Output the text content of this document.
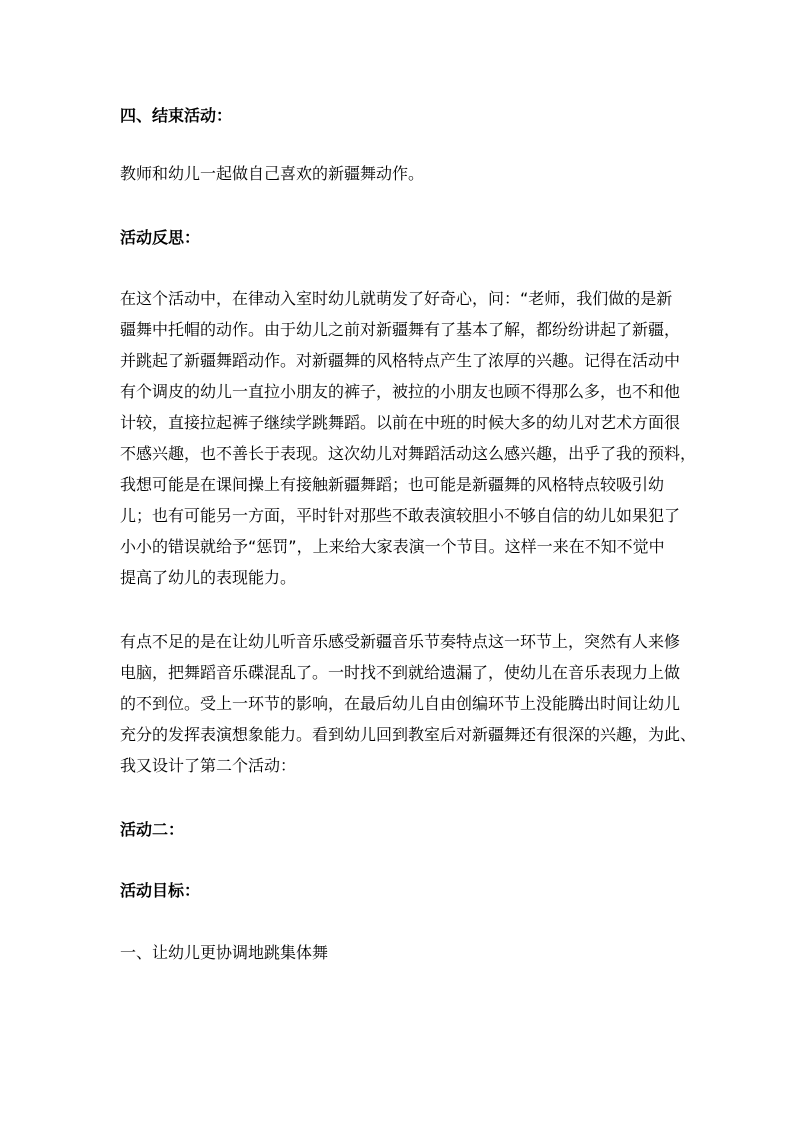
四、结束活动：
教师和幼儿一起做自己喜欢的新疆舞动作。
活动反思：
在这个活动中，在律动入室时幼儿就萌发了好奇心，问：“老师，我们做的是新
疆舞中托帽的动作。由于幼儿之前对新疆舞有了基本了解，都纷纷讲起了新疆，
并跳起了新疆舞蹈动作。对新疆舞的风格特点产生了浓厚的兴趣。记得在活动中
有个调皮的幼儿一直拉小朋友的裤子，被拉的小朋友也顾不得那么多，也不和他
计较，直接拉起裤子继续学跳舞蹈。以前在中班的时候大多的幼儿对艺术方面很
不感兴趣，也不善长于表现。这次幼儿对舞蹈活动这么感兴趣，出乎了我的预料，
我想可能是在课间操上有接触新疆舞蹈；也可能是新疆舞的风格特点较吸引幼
儿；也有可能另一方面，平时针对那些不敢表演较胆小不够自信的幼儿如果犯了
小小的错误就给予“惩罚”，上来给大家表演一个节目。这样一来在不知不觉中
提高了幼儿的表现能力。
有点不足的是在让幼儿听音乐感受新疆音乐节奏特点这一环节上，突然有人来修
电脑，把舞蹈音乐碟混乱了。一时找不到就给遗漏了，使幼儿在音乐表现力上做
的不到位。受上一环节的影响，在最后幼儿自由创编环节上没能腾出时间让幼儿
充分的发挥表演想象能力。看到幼儿回到教室后对新疆舞还有很深的兴趣，为此、
我又设计了第二个活动：
活动二：
活动目标：
一、让幼儿更协调地跳集体舞
